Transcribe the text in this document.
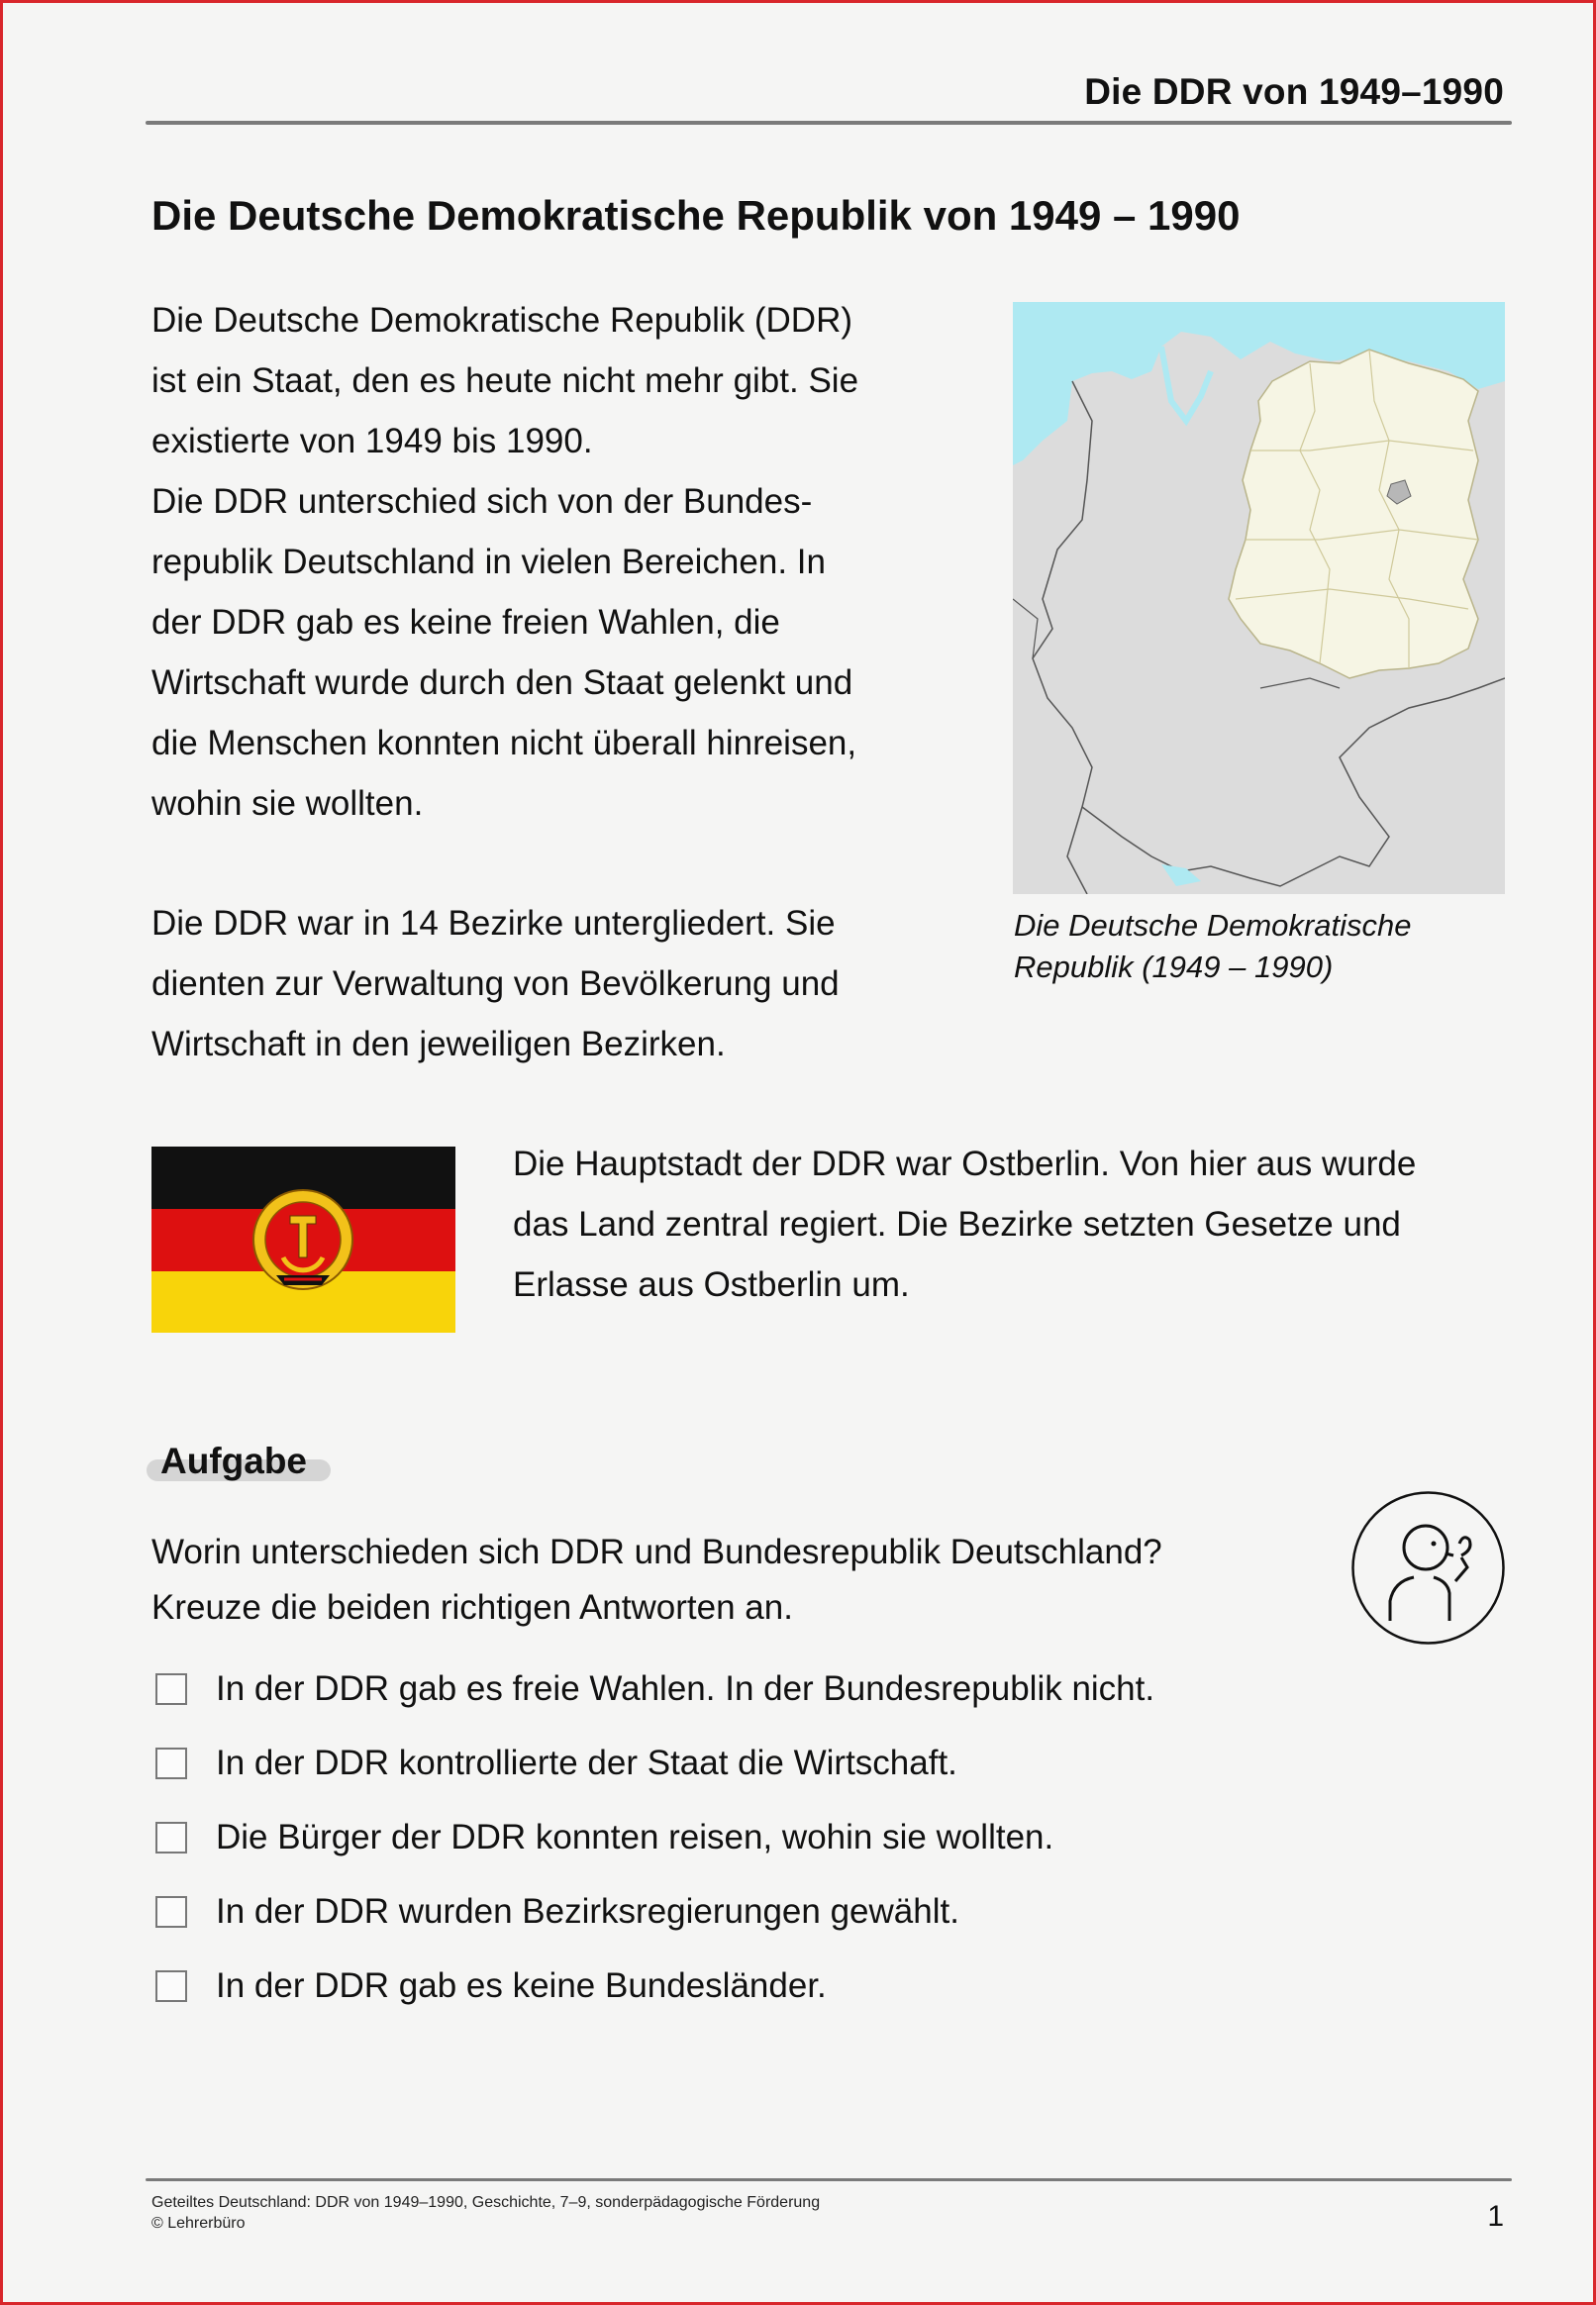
Die DDR von 1949–1990
Die Deutsche Demokratische Republik von 1949 – 1990

Die Deutsche Demokratische Republik (DDR)

ist ein Staat, den es heute nicht mehr gibt. Sie

existierte von 1949 bis 1990.

Die DDR unterschied sich von der Bundes-

republik Deutschland in vielen Bereichen. In

der DDR gab es keine freien Wahlen, die

Wirtschaft wurde durch den Staat gelenkt und

die Menschen konnten nicht überall hinreisen,

wohin sie wollten.

Die DDR war in 14 Bezirke untergliedert. Sie

dienten zur Verwaltung von Bevölkerung und

Wirtschaft in den jeweiligen Bezirken.

Die Deutsche Demokratische
Republik (1949 – 1990)

Die Hauptstadt der DDR war Ostberlin. Von hier aus wurde

das Land zentral regiert. Die Bezirke setzten Gesetze und

Erlasse aus Ostberlin um.

Aufgabe
Worin unterschieden sich DDR und Bundesrepublik Deutschland?
Kreuze die beiden richtigen Antworten an.
In der DDR gab es freie Wahlen. In der Bundesrepublik nicht.
In der DDR kontrollierte der Staat die Wirtschaft.
Die Bürger der DDR konnten reisen, wohin sie wollten.
In der DDR wurden Bezirksregierungen gewählt.
In der DDR gab es keine Bundesländer.
Geteiltes Deutschland: DDR von 1949–1990, Geschichte, 7–9, sonderpädagogische Förderung
© Lehrerbüro	1
